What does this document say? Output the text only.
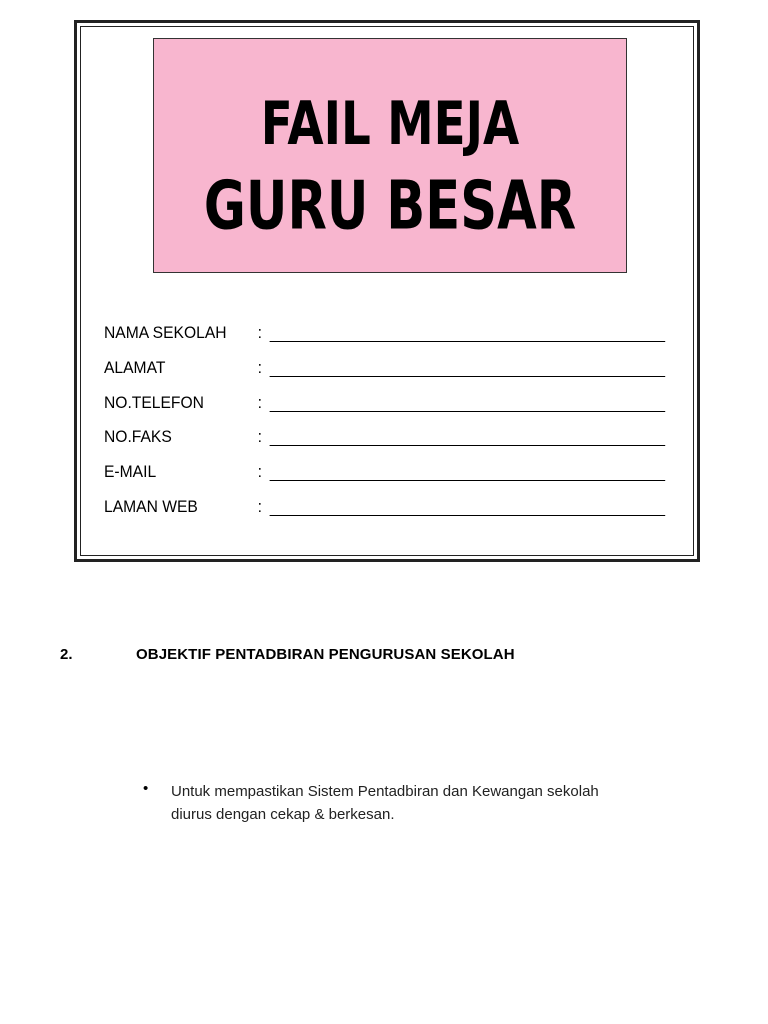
FAIL MEJA
GURU BESAR
NAMA SEKOLAH :
ALAMAT	:
NO.TELEFON	:
NO.FAKS	:
E-MAIL	:
LAMAN WEB	:
2.	OBJEKTIF PENTADBIRAN PENGURUSAN SEKOLAH
• Untuk mempastikan Sistem Pentadbiran dan Kewangan sekolah diurus dengan cekap & berkesan.
